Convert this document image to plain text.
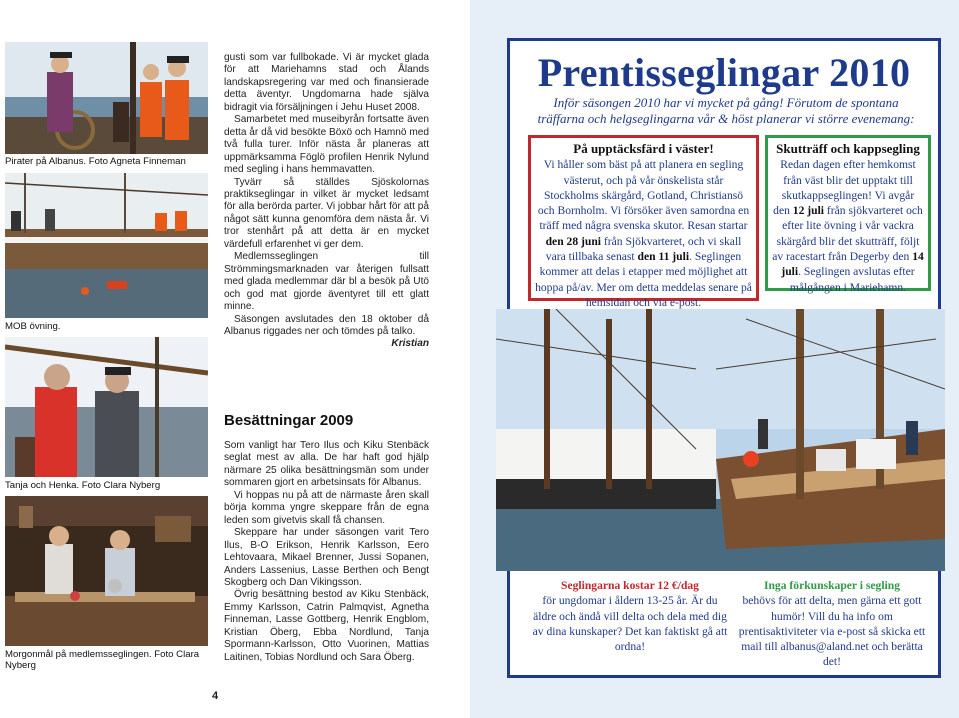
Pirater på Albanus. Foto Agneta Finneman
MOB övning.
Tanja och Henka. Foto Clara Nyberg
Morgonmål på medlemsseglingen. Foto Clara Nyberg

gusti som var fullbokade. Vi är mycket glada för att Mariehamns stad och Ålands landskapsregering var med och finansierade detta äventyr. Ungdomarna hade själva bidragit via försäljningen i Jehu Huset 2008.

Samarbetet med museibyrån fortsatte även detta år då vid besökte Böxö och Hamnö med två fulla turer. Inför nästa år planeras att uppmärksamma Föglö profilen Henrik Nylund med segling i hans hemmavatten.

Tyvärr så ställdes Sjöskolornas praktikseglingar in vilket är mycket ledsamt för alla berörda parter. Vi jobbar hårt för att på något sätt kunna genomföra dem nästa år. Vi tror stenhårt på att detta är en mycket värdefull erfarenhet vi ger dem.

Medlemsseglingen till Strömmingsmarknaden var återigen fullsatt med glada medlemmar där bl a besök på Utö och god mat gjorde äventyret till ett glatt minne.

Säsongen avslutades den 18 oktober då Albanus riggades ner och tömdes på talko.

Kristian

Besättningar 2009

Som vanligt har Tero Ilus och Kiku Stenbäck seglat mest av alla. De har haft god hjälp närmare 25 olika besättningsmän som under sommaren gjort en arbetsinsats för Albanus.

Vi hoppas nu på att de närmaste åren skall börja komma yngre skeppare från de egna leden som givetvis skall få chansen.

Skeppare har under säsongen varit Tero Ilus, B-O Erikson, Henrik Karlsson, Eero Lehtovaara, Mikael Brenner, Jussi Sopanen, Anders Lassenius, Lasse Berthen och Bengt Skogberg och Dan Vikingsson.

Övrig besättning bestod av Kiku Stenbäck, Emmy Karlsson, Catrin Palmqvist, Agnetha Finneman, Lasse Gottberg, Henrik Engblom, Kristian Öberg, Ebba Nordlund, Tanja Spormann-Karlsson, Otto Vuorinen, Mattias Laitinen, Tobias Nordlund och Sara Öberg.

4
Prentisseglingar 2010
Inför säsongen 2010 har vi mycket på gång! Förutom de spontana träffarna och helgseglingarna vår & höst planerar vi större evenemang:
På upptäcksfärd i väster!
Vi håller som bäst på att planera en segling västerut, och på vår önskelista står Stockholms skärgård, Gotland, Christiansö och Bornholm. Vi försöker även samordna en träff med några svenska skutor. Resan startar den 28 juni från Sjökvarteret, och vi skall vara tillbaka senast den 11 juli. Seglingen kommer att delas i etapper med möjlighet att hoppa på/av. Mer om detta meddelas senare på hemsidan och via e-post.
Skutträff och kappsegling
Redan dagen efter hemkomst från väst blir det upptakt till skutkappseglingen! Vi avgår den 12 juli från sjökvarteret och efter lite övning i vår vackra skärgård blir det skutträff, följt av racestart från Degerby den 14 juli. Seglingen avslutas efter målgången i Mariehamn.
Seglingarna kostar 12 €/dag
för ungdomar i åldern 13-25 år. Är du äldre och ändå vill delta och dela med dig av dina kunskaper? Det kan faktiskt gå att ordna!
Inga förkunskaper i segling
behövs för att delta, men gärna ett gott humör! Vill du ha info om prentisaktiviteter via e-post så skicka ett mail till albanus@aland.net och berätta det!
